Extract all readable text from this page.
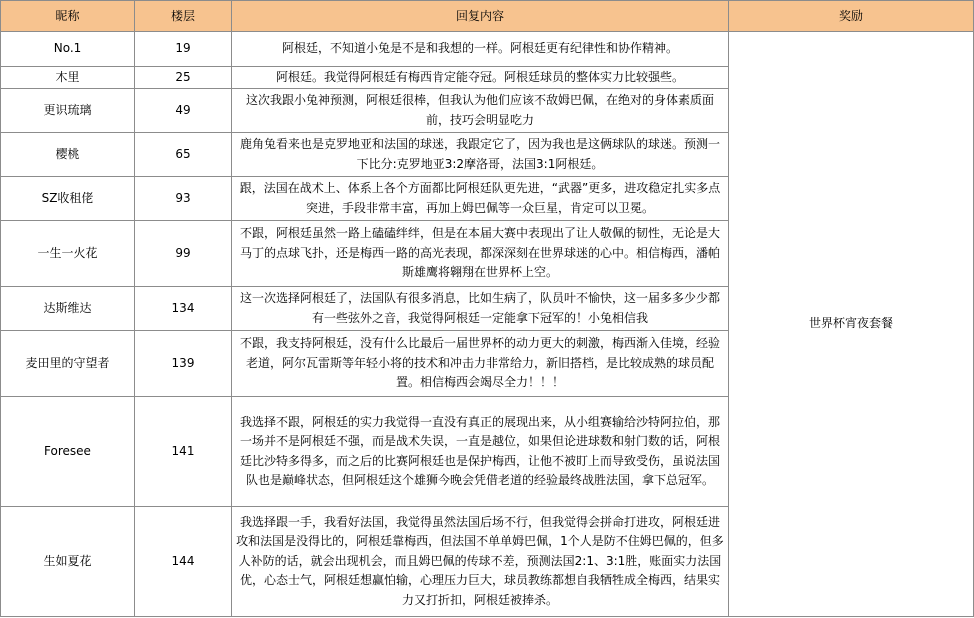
昵称	楼层	回复内容	奖励
No.1	19	阿根廷，不知道小兔是不是和我想的一样。阿根廷更有纪律性和协作精神。	世界杯宵夜套餐
木里	25	阿根廷。我觉得阿根廷有梅西肯定能夺冠。阿根廷球员的整体实力比较强些。	
更识琉璃	49	这次我跟小兔神预测，阿根廷很棒，但我认为他们应该不敌姆巴佩，在绝对的身体素质面前，技巧会明显吃力	
樱桃	65	鹿角兔看来也是克罗地亚和法国的球迷，我跟定它了，因为我也是这俩球队的球迷。预测一下比分:克罗地亚3:2摩洛哥，法国3:1阿根廷。	
SZ收租佬	93	跟，法国在战术上、体系上各个方面都比阿根廷队更先进，“武器”更多，进攻稳定扎实多点突进，手段非常丰富，再加上姆巴佩等一众巨星，肯定可以卫冕。	
一生一火花	99	不跟，阿根廷虽然一路上磕磕绊绊，但是在本届大赛中表现出了让人敬佩的韧性，无论是大马丁的点球飞扑，还是梅西一路的高光表现，都深深刻在世界球迷的心中。相信梅西，潘帕斯雄鹰将翱翔在世界杯上空。	
达斯维达	134	这一次选择阿根廷了，法国队有很多消息，比如生病了，队员叶不愉快，这一届多多少少都有一些弦外之音，我觉得阿根廷一定能拿下冠军的！小兔相信我	
麦田里的守望者	139	不跟，我支持阿根廷，没有什么比最后一届世界杯的动力更大的刺激，梅西渐入佳境，经验老道，阿尔瓦雷斯等年轻小将的技术和冲击力非常给力，新旧搭档，是比较成熟的球员配置。相信梅西会竭尽全力！！！	
Foresee	141	我选择不跟，阿根廷的实力我觉得一直没有真正的展现出来，从小组赛输给沙特阿拉伯，那一场并不是阿根廷不强，而是战术失误，一直是越位，如果但论进球数和射门数的话，阿根廷比沙特多得多，而之后的比赛阿根廷也是保护梅西，让他不被盯上而导致受伤，虽说法国队也是巅峰状态，但阿根廷这个雄狮今晚会凭借老道的经验最终战胜法国，拿下总冠军。	
生如夏花	144	我选择跟一手，我看好法国，我觉得虽然法国后场不行，但我觉得会拼命打进攻，阿根廷进攻和法国是没得比的，阿根廷靠梅西，但法国不单单姆巴佩，1个人是防不住姆巴佩的，但多人补防的话，就会出现机会，而且姆巴佩的传球不差，预测法国2:1、3:1胜，账面实力法国优，心态士气，阿根廷想赢怕输，心理压力巨大，球员教练都想自我牺牲成全梅西，结果实力又打折扣，阿根廷被捧杀。	
